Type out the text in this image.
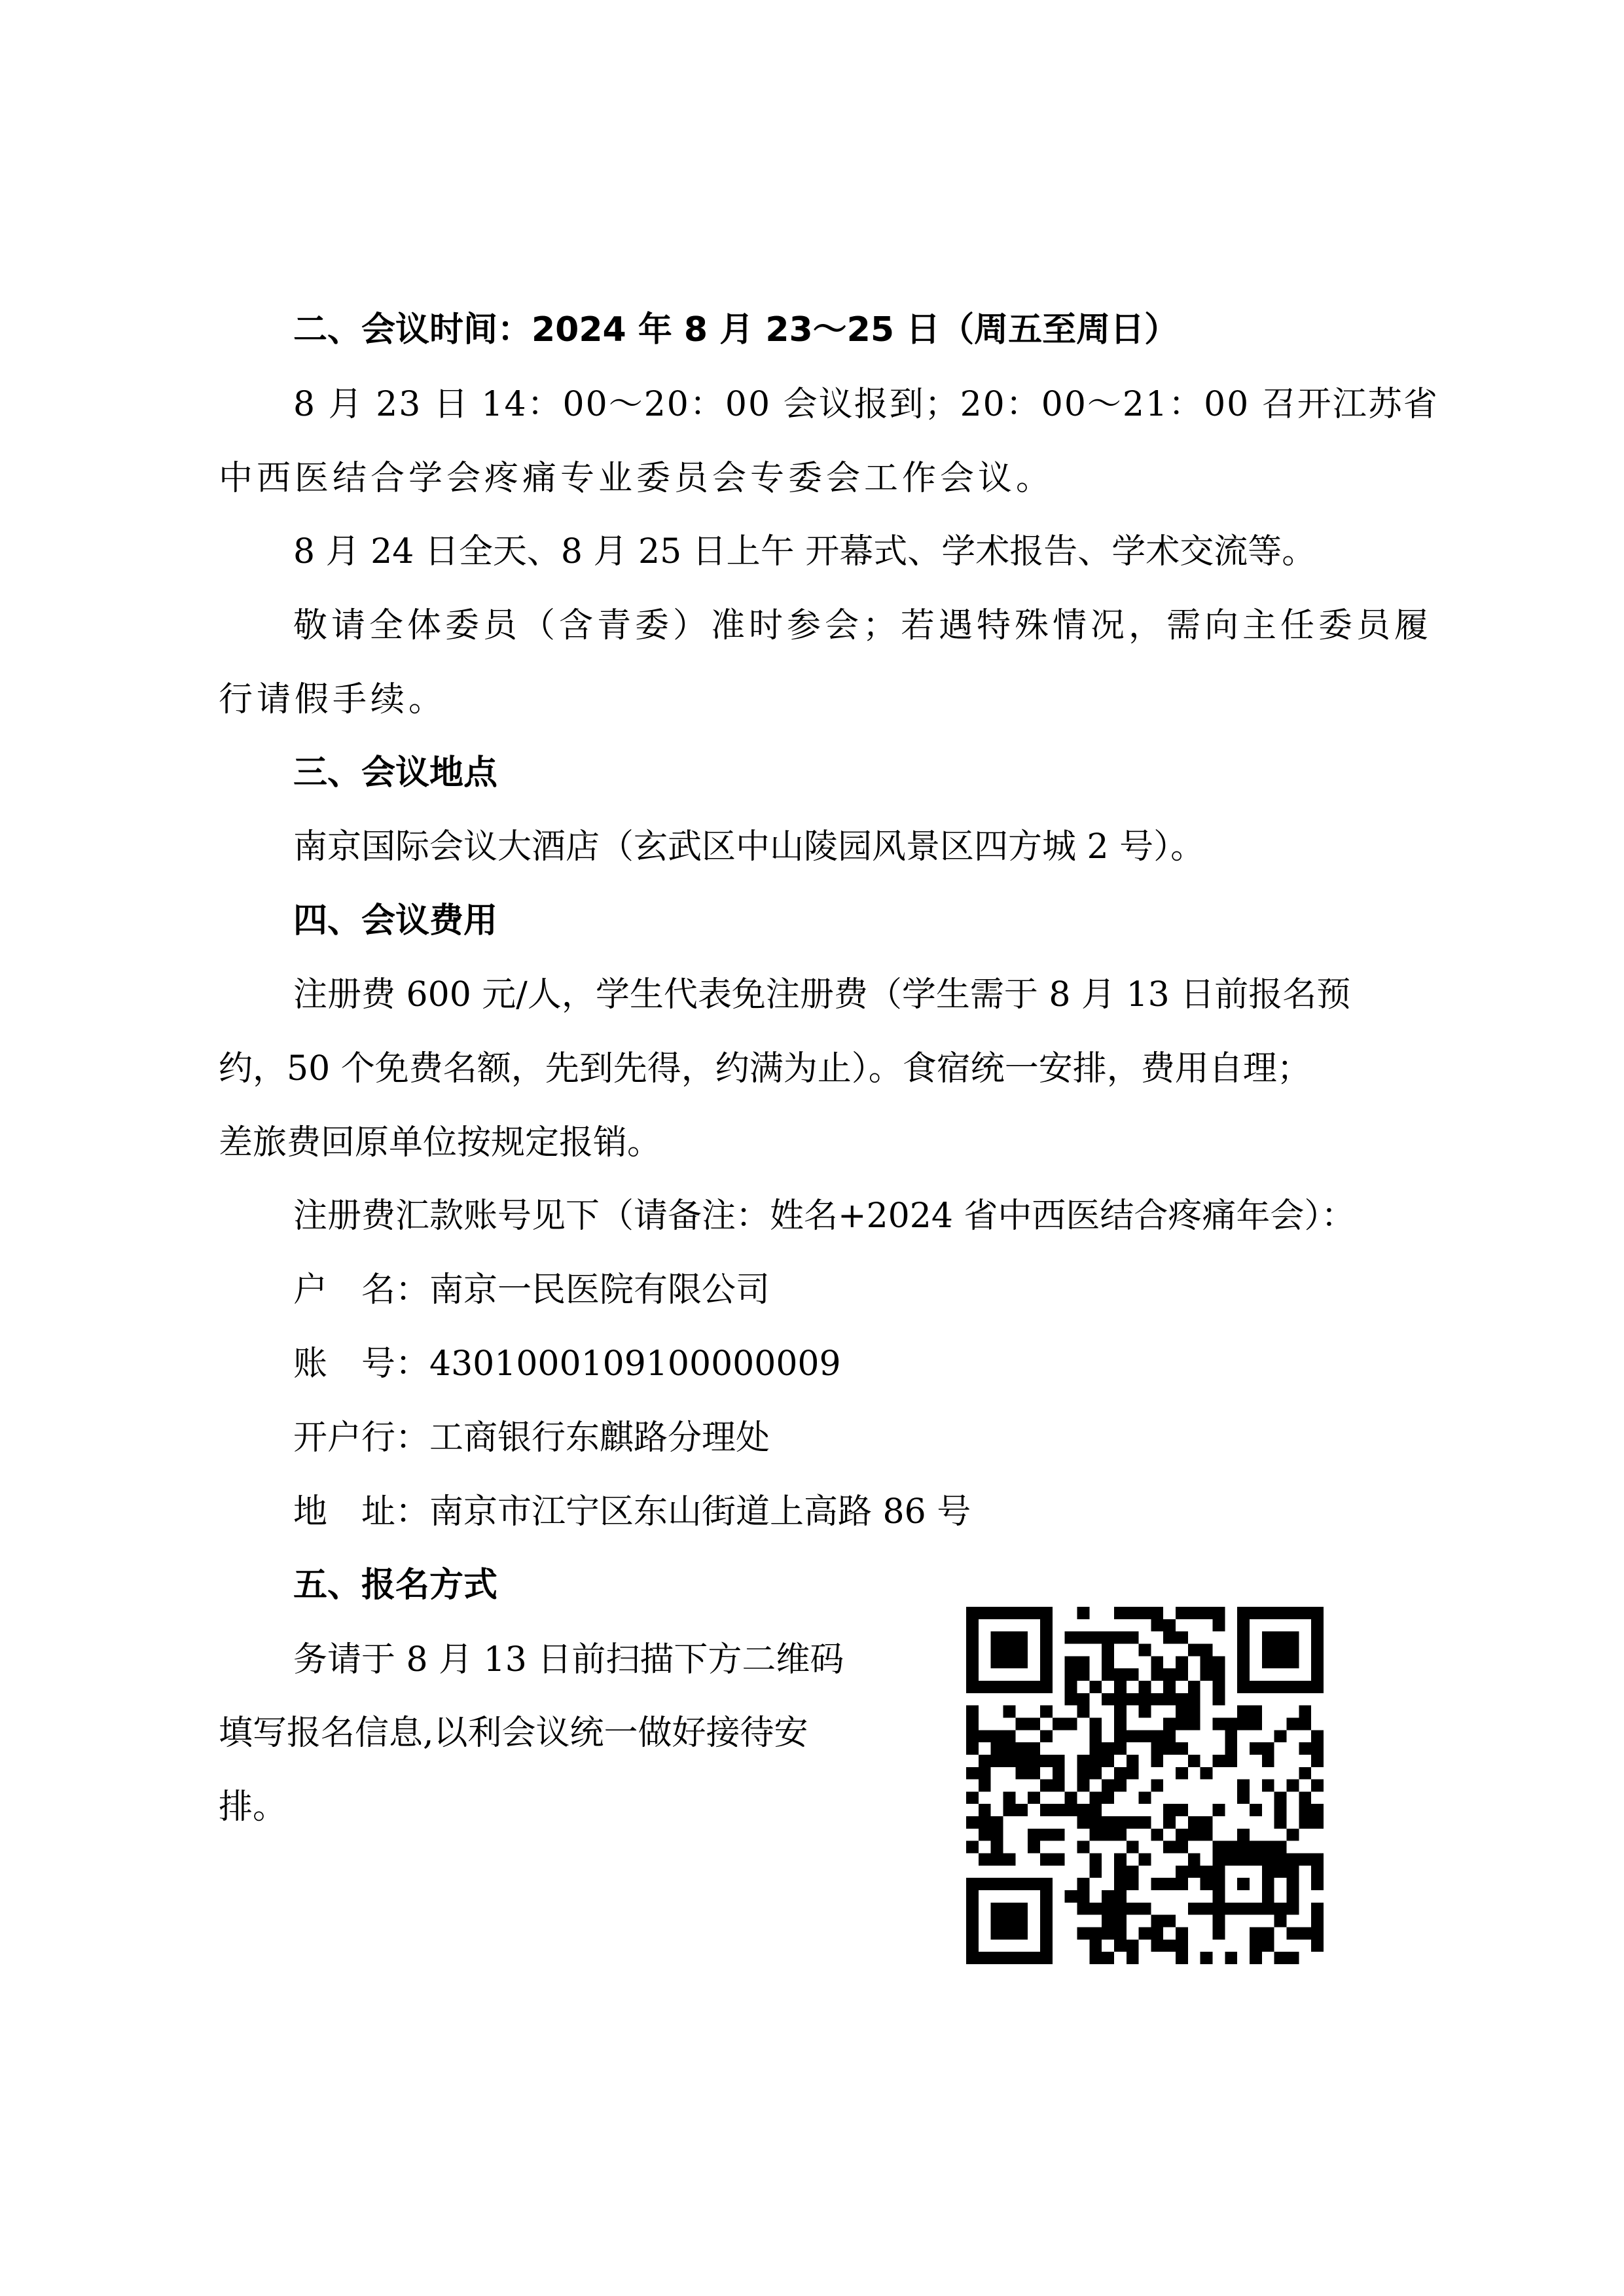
二、会议时间：2024 年 8 月 23～25 日（周五至周日）
8 月 23 日 14：00～20：00 会议报到；20：00～21：00 召开江苏省
中西医结合学会疼痛专业委员会专委会工作会议。
8 月 24 日全天、8 月 25 日上午 开幕式、学术报告、学术交流等。
敬请全体委员（含青委）准时参会；若遇特殊情况，需向主任委员履
行请假手续。
三、会议地点
南京国际会议大酒店（玄武区中山陵园风景区四方城 2 号）。
四、会议费用
注册费 600 元/人，学生代表免注册费（学生需于 8 月 13 日前报名预
约，50 个免费名额，先到先得，约满为止）。食宿统一安排，费用自理；
差旅费回原单位按规定报销。
注册费汇款账号见下（请备注：姓名+2024 省中西医结合疼痛年会）：
户　名：南京一民医院有限公司
账　号：4301000109100000009
开户行：工商银行东麒路分理处
地　址：南京市江宁区东山街道上高路 86 号
五、报名方式
务请于 8 月 13 日前扫描下方二维码
填写报名信息,以利会议统一做好接待安
排。
